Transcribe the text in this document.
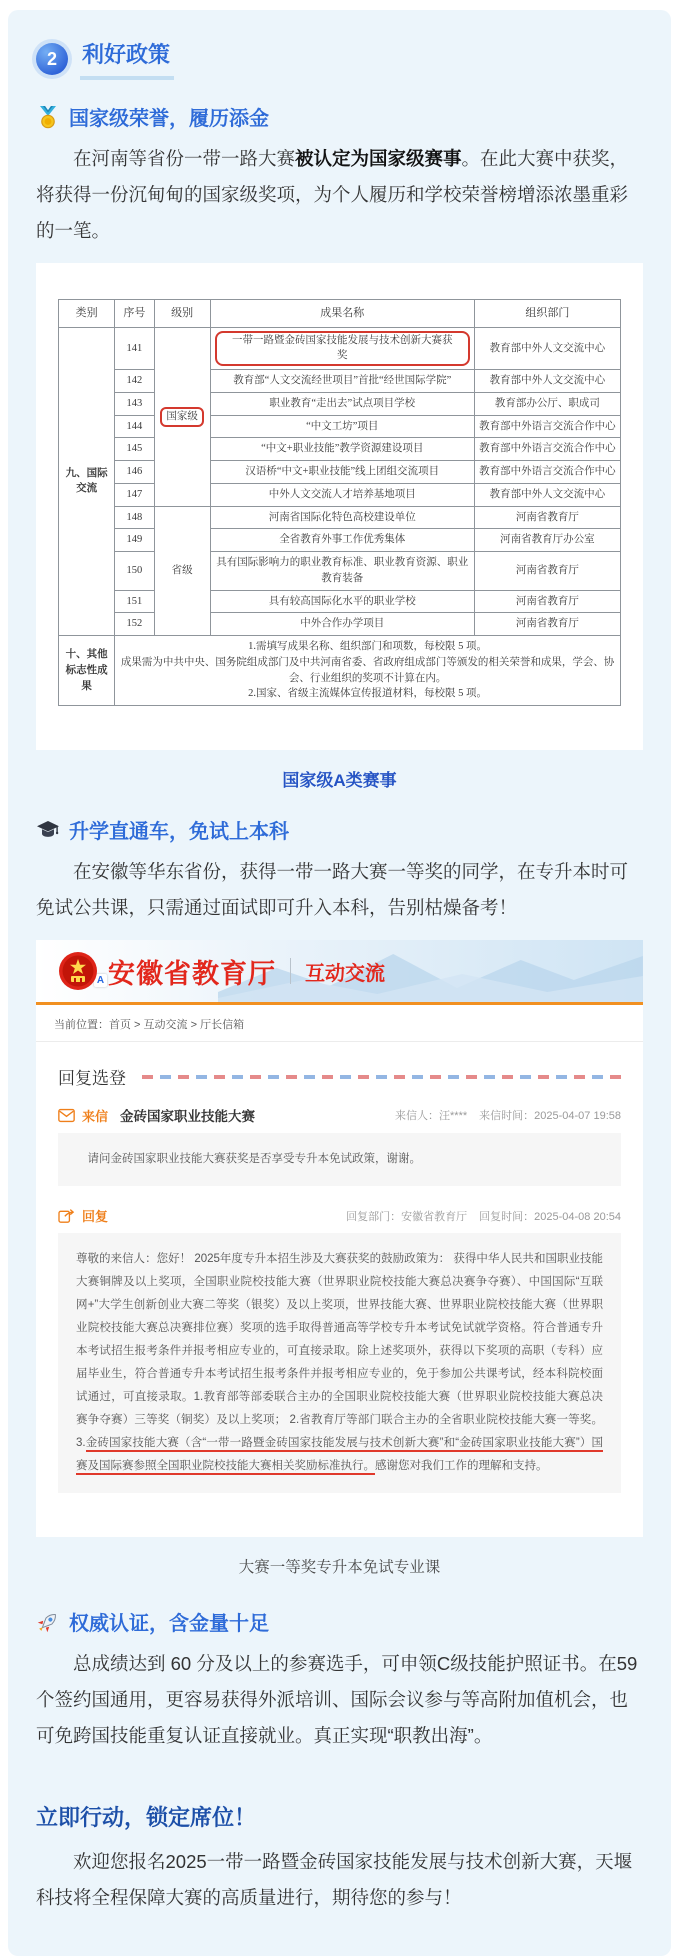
2	利好政策
国家级荣誉，履历添金

在河南等省份一带一路大赛被认定为国家级赛事。在此大赛中获奖，将获得一份沉甸甸的国家级奖项，为个人履历和学校荣誉榜增添浓墨重彩的一笔。

类别	序号	级别	成果名称	组织部门
九、国际交流	141	国家级	一带一路暨金砖国家技能发展与技术创新大赛获奖	教育部中外人文交流中心
	142		教育部“人文交流经世项目”首批“经世国际学院”	教育部中外人文交流中心
	143		职业教育“走出去”试点项目学校	教育部办公厅、职成司
	144		“中文工坊”项目	教育部中外语言交流合作中心
	145		“中文+职业技能”教学资源建设项目	教育部中外语言交流合作中心
	146		汉语桥“中文+职业技能”线上团组交流项目	教育部中外语言交流合作中心
	147		中外人文交流人才培养基地项目	教育部中外人文交流中心
	148	省级	河南省国际化特色高校建设单位	河南省教育厅
	149		全省教育外事工作优秀集体	河南省教育厅办公室
	150		具有国际影响力的职业教育标准、职业教育资源、职业教育装备	河南省教育厅
	151		具有较高国际化水平的职业学校	河南省教育厅
	152		中外合作办学项目	河南省教育厅
十、其他标志性成果	1.需填写成果名称、组织部门和项数，每校限 5 项。
成果需为中共中央、国务院组成部门及中共河南省委、省政府组成部门等颁发的相关荣誉和成果，学会、协会、行业组织的奖项不计算在内。
2.国家、省级主流媒体宣传报道材料，每校限 5 项。			
国家级A类赛事
升学直通车，免试上本科

在安徽等华东省份，获得一带一路大赛一等奖的同学，在专升本时可免试公共课，只需通过面试即可升入本科，告别枯燥备考！

安徽省教育厅
A	互动交流
当前位置：首页 > 互动交流 > 厅长信箱
回复选登
来信 金砖国家职业技能大赛	来信人：汪**** 来信时间：2025-04-07 19:58
请问金砖国家职业技能大赛获奖是否享受专升本免试政策，谢谢。
回复	回复部门：安徽省教育厅 回复时间：2025-04-08 20:54
尊敬的来信人：您好！ 2025年度专升本招生涉及大赛获奖的鼓励政策为： 获得中华人民共和国职业技能大赛铜牌及以上奖项，全国职业院校技能大赛（世界职业院校技能大赛总决赛争夺赛）、中国国际“互联网+”大学生创新创业大赛二等奖（银奖）及以上奖项，世界技能大赛、世界职业院校技能大赛（世界职业院校技能大赛总决赛排位赛）奖项的选手取得普通高等学校专升本考试免试就学资格。符合普通专升本考试招生报考条件并报考相应专业的，可直接录取。除上述奖项外，获得以下奖项的高职（专科）应届毕业生，符合普通专升本考试招生报考条件并报考相应专业的，免于参加公共课考试，经本科院校面试通过，可直接录取。1.教育部等部委联合主办的全国职业院校技能大赛（世界职业院校技能大赛总决赛争夺赛）三等奖（铜奖）及以上奖项； 2.省教育厅等部门联合主办的全省职业院校技能大赛一等奖。 3.金砖国家技能大赛（含“一带一路暨金砖国家技能发展与技术创新大赛”和“金砖国家职业技能大赛”）国赛及国际赛参照全国职业院校技能大赛相关奖励标准执行。感谢您对我们工作的理解和支持。
大赛一等奖专升本免试专业课
权威认证，含金量十足

总成绩达到 60 分及以上的参赛选手，可申领C级技能护照证书。在59个签约国通用，更容易获得外派培训、国际会议参与等高附加值机会，也可免跨国技能重复认证直接就业。真正实现“职教出海”。

立即行动，锁定席位！

欢迎您报名2025一带一路暨金砖国家技能发展与技术创新大赛，天堰科技将全程保障大赛的高质量进行，期待您的参与！
